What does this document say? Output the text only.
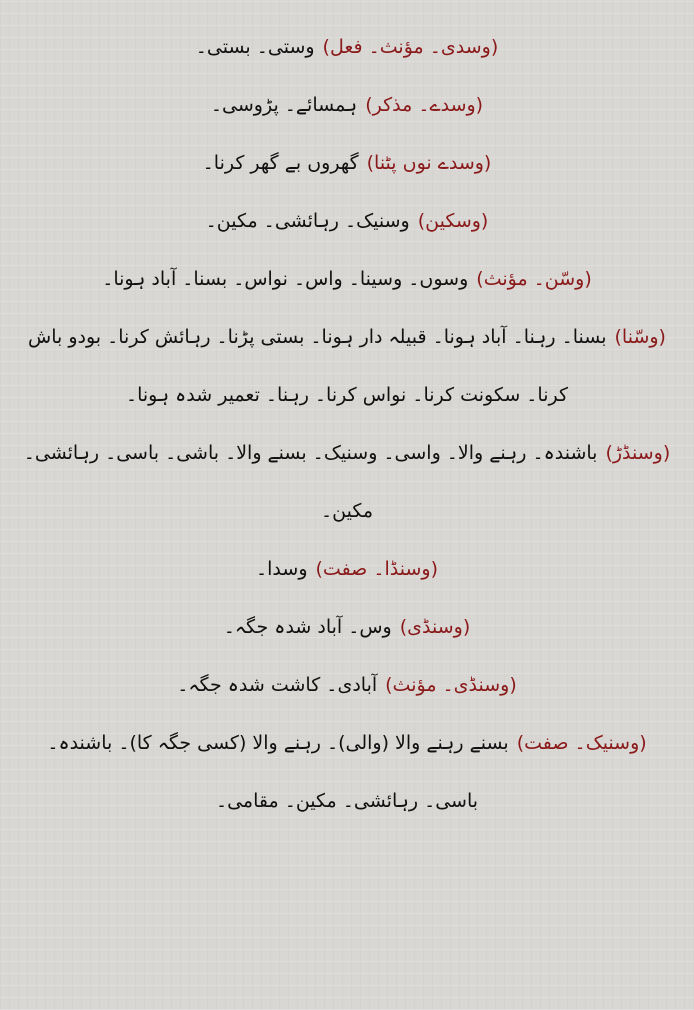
(وسدی۔ مؤنث۔ فعل)وستی۔ بستی۔

(وسدے۔ مذکر)ہمسائے۔ پڑوسی۔

(وسدے نوں پٹنا)گھروں بے گھر کرنا۔

(وسکین)وسنیک۔ رہائشی۔ مکین۔

(وسّن۔ مؤنث)وسوں۔ وسینا۔ واس۔ نواس۔ بسنا۔ آباد ہونا۔

(وسّنا)بسنا۔ رہنا۔ آباد ہونا۔ قبیلہ دار ہونا۔ بستی پڑنا۔ رہائش کرنا۔ بودو باش کرنا۔ سکونت کرنا۔ نواس کرنا۔ رہنا۔ تعمیر شدہ ہونا۔

(وسنڈڑ)باشندہ۔ رہنے والا۔ واسی۔ وسنیک۔ بسنے والا۔ باشی۔ باسی۔ رہائشی۔ مکین۔

(وسنڈا۔ صفت)وسدا۔

(وسنڈی)وس۔ آباد شدہ جگہ۔

(وسنڈی۔ مؤنث)آبادی۔ کاشت شدہ جگہ۔

(وسنیک۔ صفت)بسنے رہنے والا (والی)۔ رہنے والا (کسی جگہ کا)۔ باشندہ۔ باسی۔ رہائشی۔ مکین۔ مقامی۔
